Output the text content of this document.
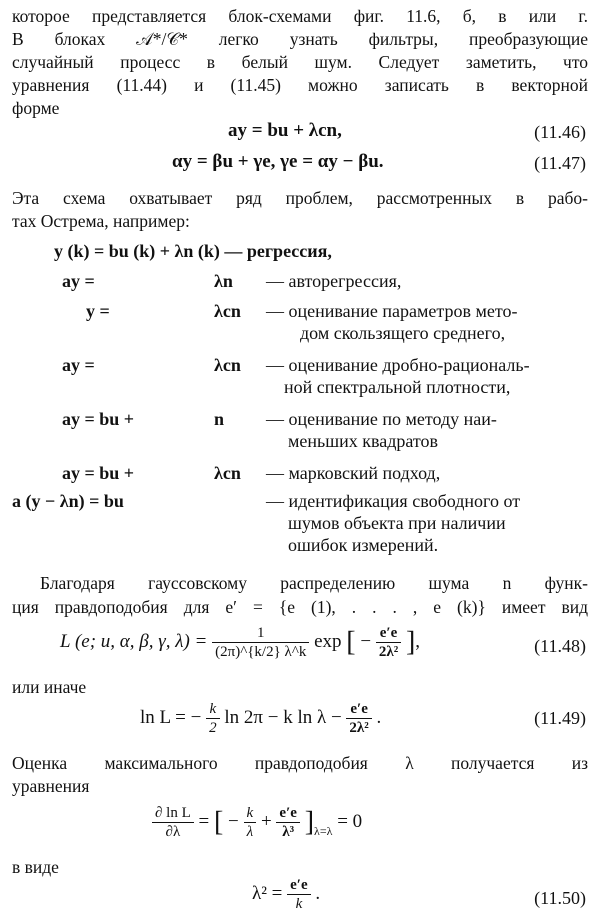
которое представляется блок-схемами фиг. 11.6, б, в или г.
В блоках 𝒜*/𝒞* легко узнать фильтры, преобразующие
случайный процесс в белый шум. Следует заметить, что
уравнения (11.44) и (11.45) можно записать в векторной
форме
ay = bu + λcn,	(11.46)
αy = βu + γe, γe = αy − βu.	(11.47)
Эта схема охватывает ряд проблем, рассмотренных в рабо-
тах Острема, например:
y (k) = bu (k) + λn (k) — регрессия,
ay =	λn — авторегрессия,
y =	λcn — оценивание параметров мето-
дом скользящего среднего,
ay =	λcn — оценивание дробно-рациональ-
ной спектральной плотности,
ay = bu +	n — оценивание по методу наи-
меньших квадратов
ay = bu +	λcn — марковский подход,
a (y − λn) = bu	— идентификация свободного от
шумов объекта при наличии
ошибок измерений.
Благодаря гауссовскому распределению шума n функ-
ция правдоподобия для e′ = {e (1), . . . , e (k)} имеет вид
L (e; u, α, β, γ, $\lambda) = \frac{1}{(2\pi)\^{}\{k/2\} \lambda\^{}k}$ exp [ − $\frac{e'e}{\text{2λ²}}$ ],	(11.48)
или иначе
ln L = − $\frac{k}{2}$ ln 2π − k $\ln \lambda - \frac{e'e}{\text{2λ²}}$ .	(11.49)
Оценка максимального правдоподобия λ получается из
уравнения
$\frac{\text{∂ ln L}}{\partial\lambda}$ = [ − $\frac{k}{\lambda} + \frac{e'e}{\text{λ³}} ]_{\lambda=\lambda} = 0$
в виде
$\lambda^2 = \frac{e'e}{k}$ .	(11.50)
